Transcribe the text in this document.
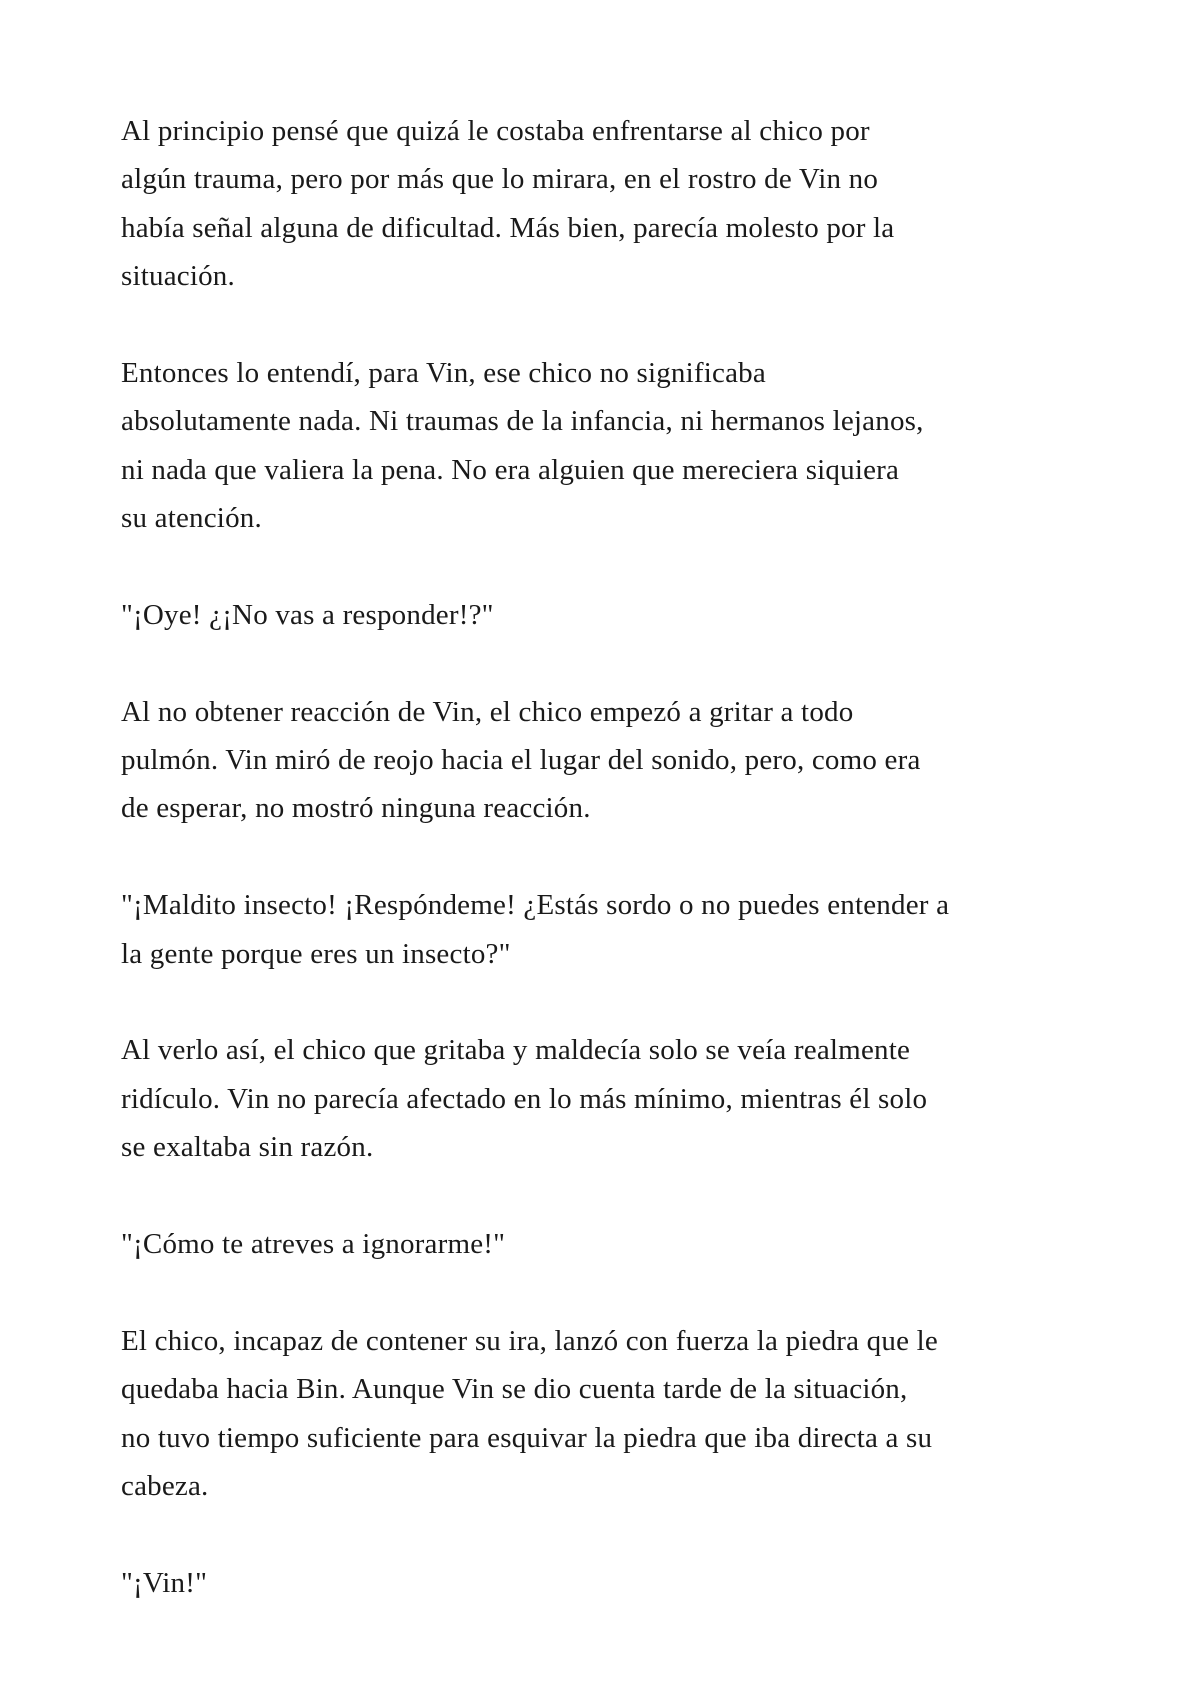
Al principio pensé que quizá le costaba enfrentarse al chico por
algún trauma, pero por más que lo mirara, en el rostro de Vin no
había señal alguna de dificultad. Más bien, parecía molesto por la
situación.

Entonces lo entendí, para Vin, ese chico no significaba
absolutamente nada. Ni traumas de la infancia, ni hermanos lejanos,
ni nada que valiera la pena. No era alguien que mereciera siquiera
su atención.

"¡Oye! ¿¡No vas a responder!?"

Al no obtener reacción de Vin, el chico empezó a gritar a todo
pulmón. Vin miró de reojo hacia el lugar del sonido, pero, como era
de esperar, no mostró ninguna reacción.

"¡Maldito insecto! ¡Respóndeme! ¿Estás sordo o no puedes entender a
la gente porque eres un insecto?"

Al verlo así, el chico que gritaba y maldecía solo se veía realmente
ridículo. Vin no parecía afectado en lo más mínimo, mientras él solo
se exaltaba sin razón.

"¡Cómo te atreves a ignorarme!"

El chico, incapaz de contener su ira, lanzó con fuerza la piedra que le
quedaba hacia Bin. Aunque Vin se dio cuenta tarde de la situación,
no tuvo tiempo suficiente para esquivar la piedra que iba directa a su
cabeza.

"¡Vin!"
